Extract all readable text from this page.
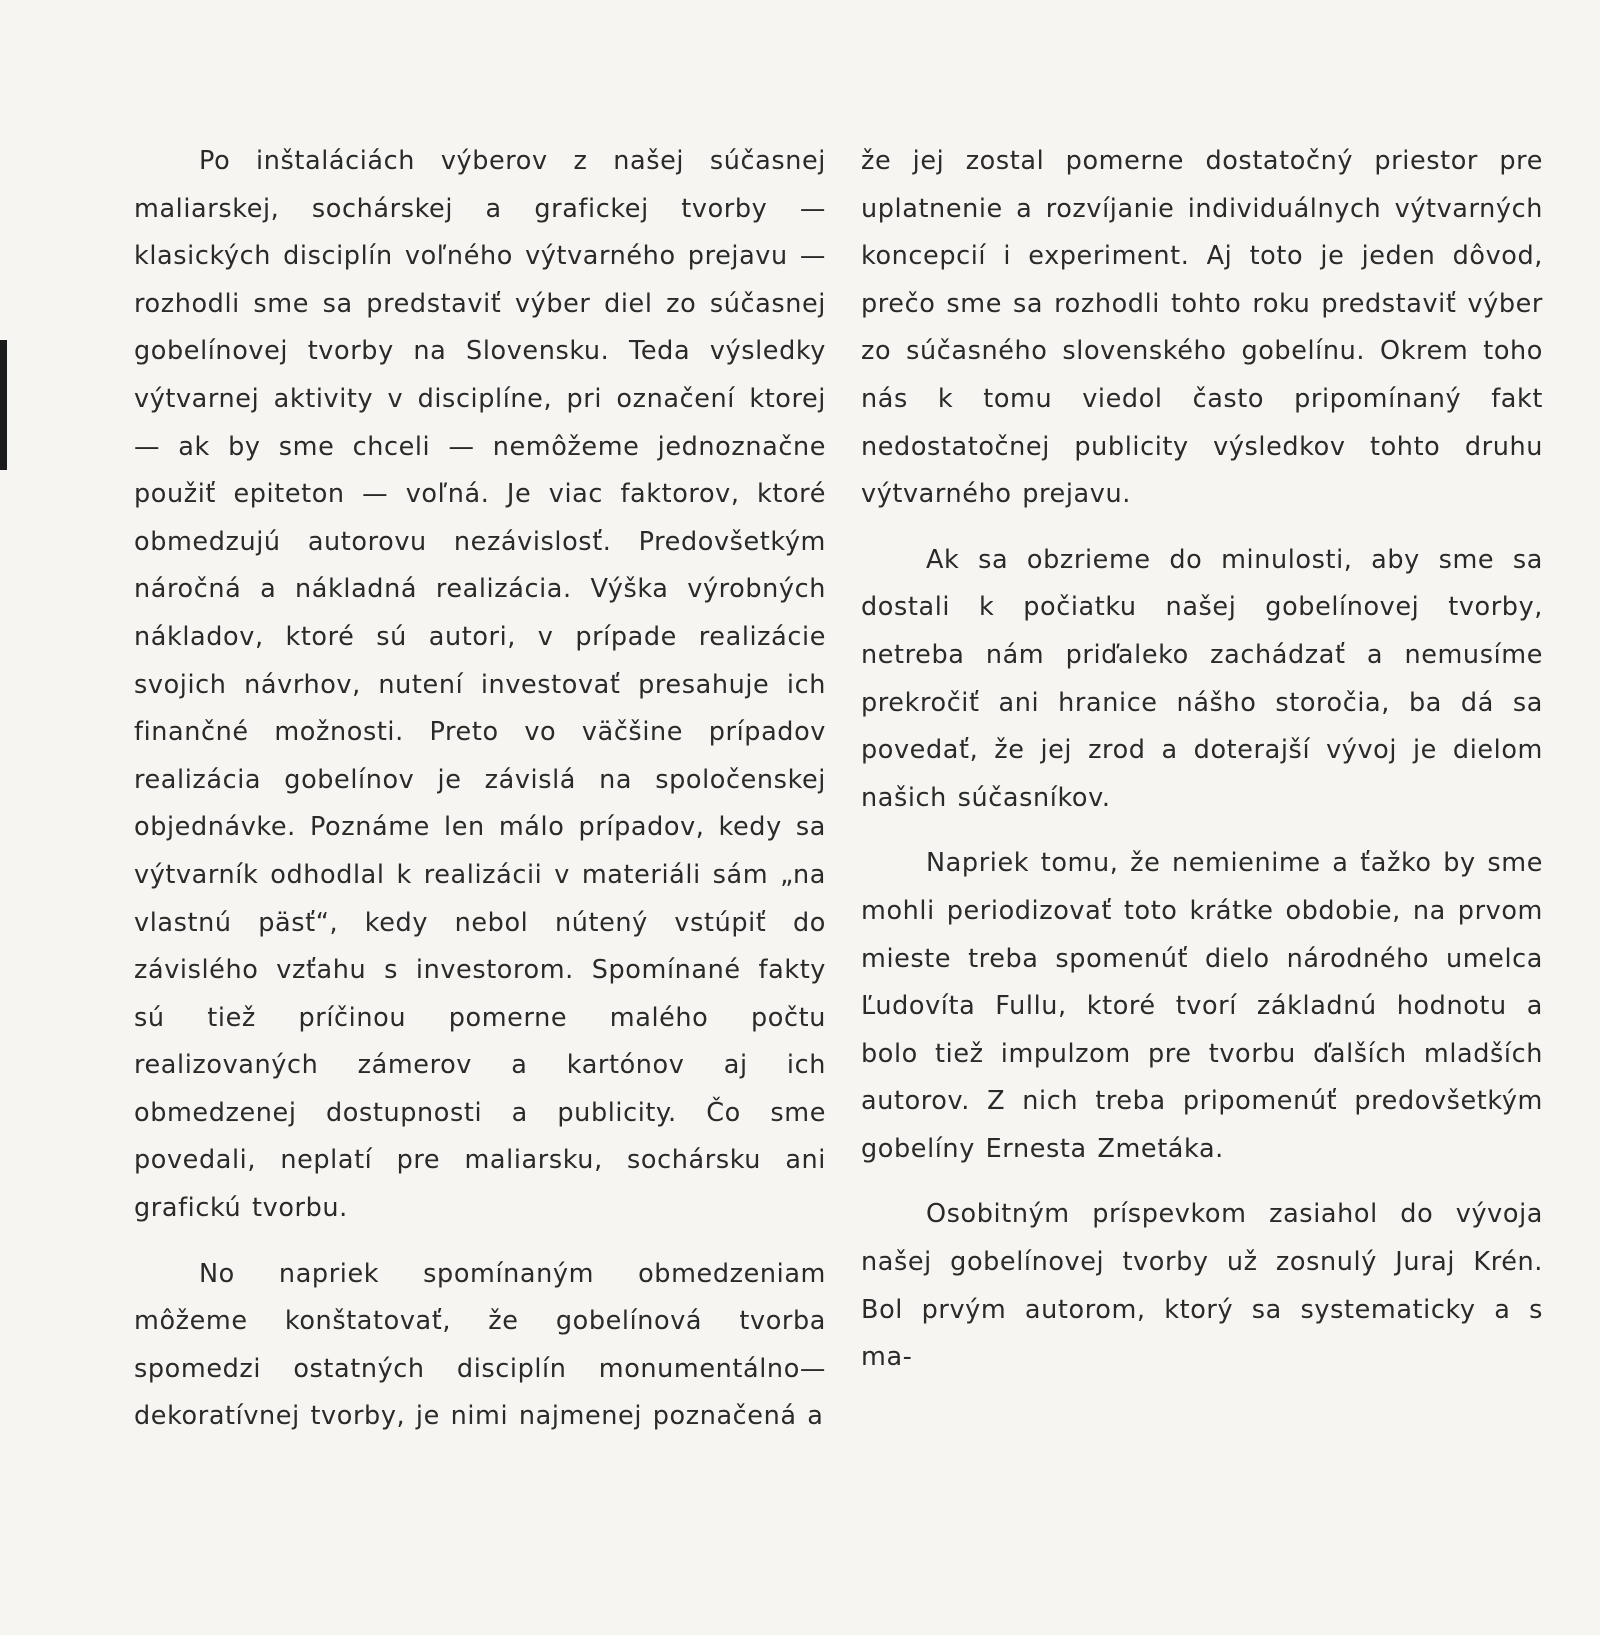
Po inštaláciách výberov z našej súčasnej maliarskej, sochárskej a grafickej tvorby — klasických disciplín voľného výtvarného prejavu — rozhodli sme sa predstaviť výber diel zo súčasnej gobelínovej tvorby na Slovensku. Teda výsledky výtvarnej aktivity v disciplíne, pri označení ktorej — ak by sme chceli — nemôžeme jednoznačne použiť epiteton — voľná. Je viac faktorov, ktoré obmedzujú autorovu nezávislosť. Predovšetkým náročná a nákladná realizácia. Výška výrobných nákladov, ktoré sú autori, v prípade realizácie svojich návrhov, nutení investovať presahuje ich finančné možnosti. Preto vo väčšine prípadov realizácia gobelínov je závislá na spoločenskej objednávke. Poznáme len málo prípadov, kedy sa výtvarník odhodlal k realizácii v materiáli sám „na vlastnú päsť“, kedy nebol nútený vstúpiť do závislého vzťahu s investorom. Spomínané fakty sú tiež príčinou pomerne malého počtu realizovaných zámerov a kartónov aj ich obmedzenej dostupnosti a publicity. Čo sme povedali, neplatí pre maliarsku, sochársku ani grafickú tvorbu.

No napriek spomínaným obmedzeniam môžeme konštatovať, že gobelínová tvorba spomedzi ostatných disciplín monumentálno—dekoratívnej tvorby, je nimi najmenej poznačená a

že jej zostal pomerne dostatočný priestor pre uplatnenie a rozvíjanie individuálnych výtvarných koncepcií i experiment. Aj toto je jeden dôvod, prečo sme sa rozhodli tohto roku predstaviť výber zo súčasného slovenského gobelínu. Okrem toho nás k tomu viedol často pripomínaný fakt nedostatočnej publicity výsledkov tohto druhu výtvarného prejavu.

Ak sa obzrieme do minulosti, aby sme sa dostali k počiatku našej gobelínovej tvorby, netreba nám priďaleko zachádzať a nemusíme prekročiť ani hranice nášho storočia, ba dá sa povedať, že jej zrod a doterajší vývoj je dielom našich súčasníkov.

Napriek tomu, že nemienime a ťažko by sme mohli periodizovať toto krátke obdobie, na prvom mieste treba spomenúť dielo národného umelca Ľudovíta Fullu, ktoré tvorí základnú hodnotu a bolo tiež impulzom pre tvorbu ďalších mladších autorov. Z nich treba pripomenúť predovšetkým gobelíny Ernesta Zmetáka.

Osobitným príspevkom zasiahol do vývoja našej gobelínovej tvorby už zosnulý Juraj Krén. Bol prvým autorom, ktorý sa systematicky a s ma-
